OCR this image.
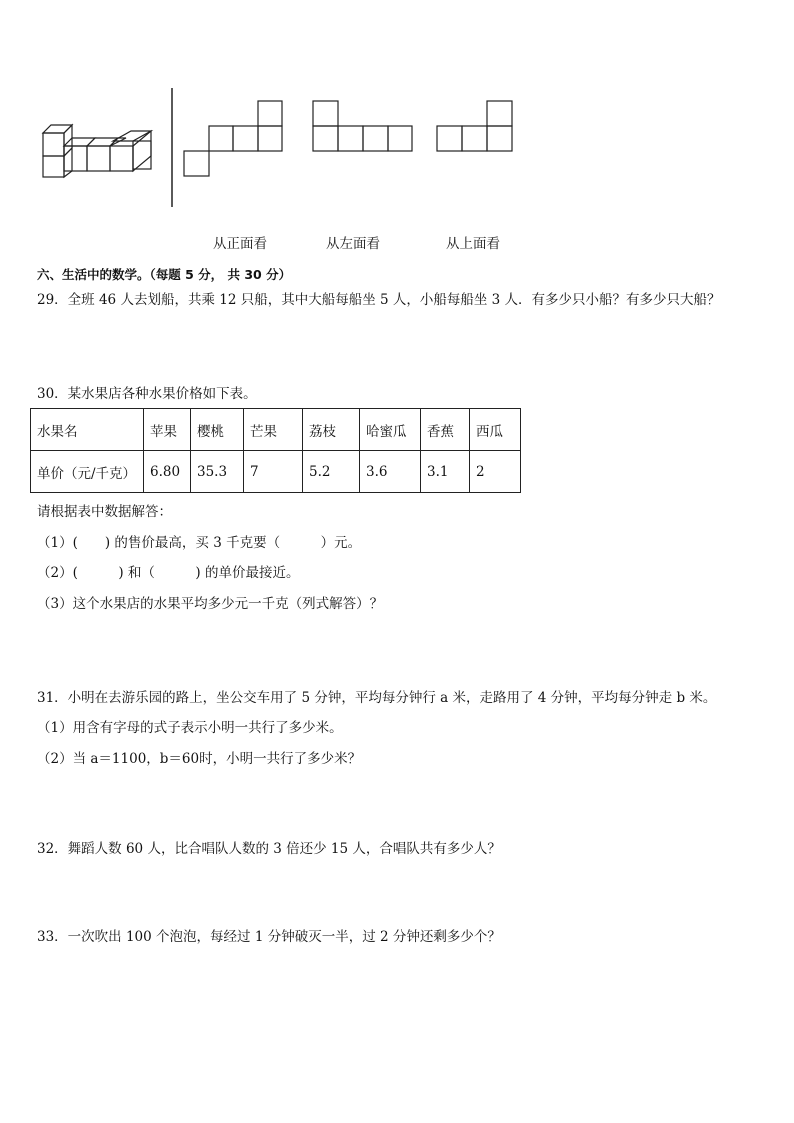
从正面看	从左面看	从上面看
六、生活中的数学。（每题 5 分， 共 30 分）
29．全班 46 人去划船，共乘 12 只船，其中大船每船坐 5 人，小船每船坐 3 人．有多少只小船？有多少只大船？
30．某水果店各种水果价格如下表。
水果名	苹果	樱桃	芒果	荔枝	哈蜜瓜	香蕉	西瓜
单价（元/千克）	6.80	35.3	7	5.2	3.6	3.1	2
请根据表中数据解答：
（1）(　　) 的售价最高，买 3 千克要（　　　）元。
（2）(　　　) 和（　　　) 的单价最接近。
（3）这个水果店的水果平均多少元一千克（列式解答）？
31．小明在去游乐园的路上，坐公交车用了 5 分钟，平均每分钟行 a 米，走路用了 4 分钟，平均每分钟走 b 米。
（1）用含有字母的式子表示小明一共行了多少米。
（2）当 a＝1100，b＝60时，小明一共行了多少米？
32．舞蹈人数 60 人，比合唱队人数的 3 倍还少 15 人，合唱队共有多少人？
33．一次吹出 100 个泡泡，每经过 1 分钟破灭一半，过 2 分钟还剩多少个？
